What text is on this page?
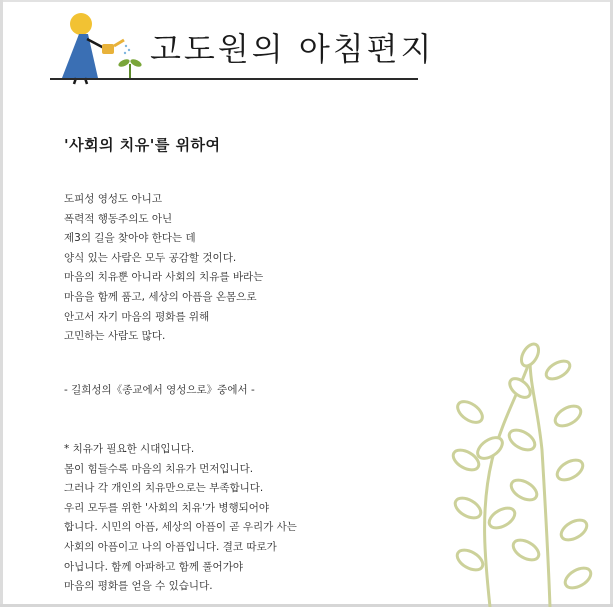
고도원의 아침편지
'사회의 치유'를 위하여
도피성 영성도 아니고
폭력적 행동주의도 아닌
제3의 길을 찾아야 한다는 데
양식 있는 사람은 모두 공감할 것이다.
마음의 치유뿐 아니라 사회의 치유를 바라는
마음을 함께 품고, 세상의 아픔을 온몸으로
안고서 자기 마음의 평화를 위해
고민하는 사람도 많다.
- 길희성의《종교에서 영성으로》중에서 -
* 치유가 필요한 시대입니다.
몸이 힘들수록 마음의 치유가 먼저입니다.
그러나 각 개인의 치유만으로는 부족합니다.
우리 모두를 위한 '사회의 치유'가 병행되어야
합니다. 시민의 아픔, 세상의 아픔이 곧 우리가 사는
사회의 아픔이고 나의 아픔입니다. 결코 따로가
아닙니다. 함께 아파하고 함께 풀어가야
마음의 평화를 얻을 수 있습니다.
